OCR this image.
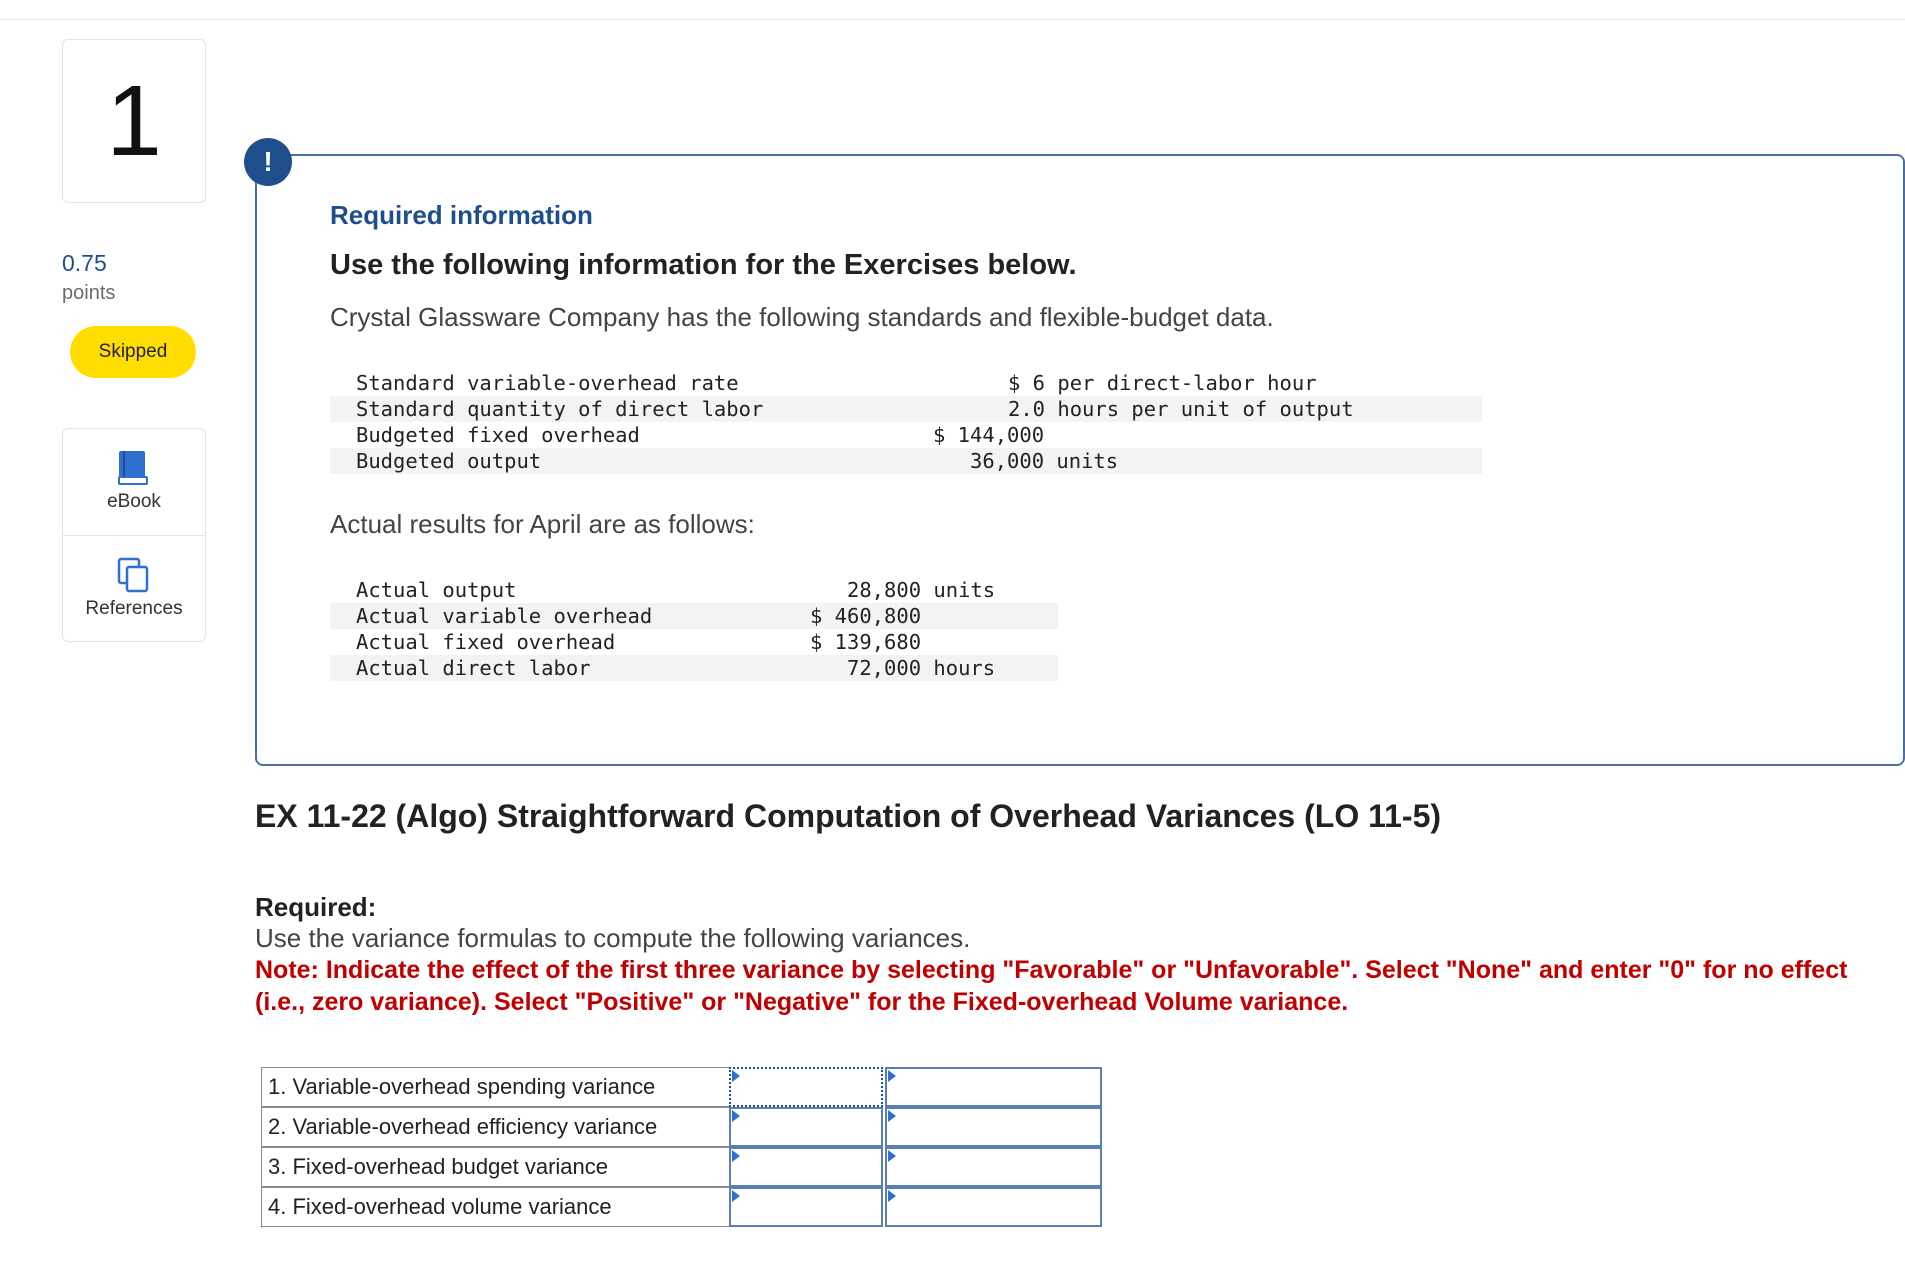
1
0.75
points
Skipped
eBook
References
!
Required information
Use the following information for the Exercises below.
Crystal Glassware Company has the following standards and flexible-budget data.

Standard variable-overhead rate

	$ 6 per direct-labor hour

Standard quantity of direct labor

	2.0 hours per unit of output

Budgeted fixed overhead

	$ 144,000

Budgeted output

	36,000 units

Actual results for April are as follows:

Actual output

	28,800 units

Actual variable overhead

	$ 460,800

Actual fixed overhead

	$ 139,680

Actual direct labor

	72,000 hours

EX 11-22 (Algo) Straightforward Computation of Overhead Variances (LO 11-5)
Required:
Use the variance formulas to compute the following variances.
Note: Indicate the effect of the first three variance by selecting "Favorable" or "Unfavorable". Select "None" and enter "0" for no effect (i.e., zero variance). Select "Positive" or "Negative" for the Fixed-overhead Volume variance.
1. Variable-overhead spending variance
2. Variable-overhead efficiency variance
3. Fixed-overhead budget variance
4. Fixed-overhead volume variance
